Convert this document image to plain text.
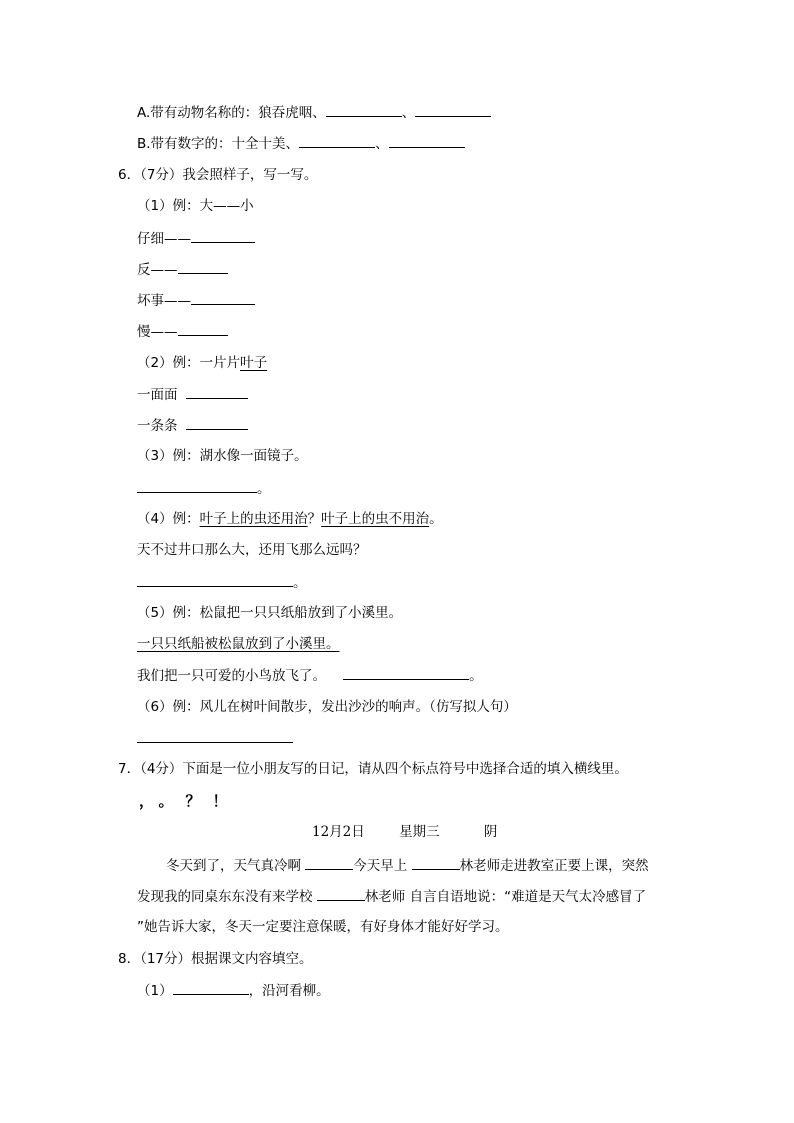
A.带有动物名称的：狼吞虎咽、	、
B.带有数字的：十全十美、	、
6．（7分）我会照样子，写一写。
（1）例：大——小
仔细——
反——
坏事——
慢——
（2）例：一片片叶子
一面面
一条条
（3）例：湖水像一面镜子。
。
（4）例：叶子上的虫还用治？叶子上的虫不用治。
天不过井口那么大，还用飞那么远吗？
。
（5）例：松鼠把一只只纸船放到了小溪里。
一只只纸船被松鼠放到了小溪里。
我们把一只可爱的小鸟放飞了。	。
（6）例：风儿在树叶间散步，发出沙沙的响声。（仿写拟人句）
7．（4分）下面是一位小朋友写的日记，请从四个标点符号中选择合适的填入横线里。
，。？！
12月2日	星期三	阴
冬天到了，天气真冷啊	今天早上	林老师走进教室正要上课，突然
发现我的同桌东东没有来学校	林老师 自言自语地说：“难道是天气太冷感冒了
”她告诉大家，冬天一定要注意保暖，有好身体才能好好学习。
8．（17分）根据课文内容填空。
（1）	，沿河看柳。
